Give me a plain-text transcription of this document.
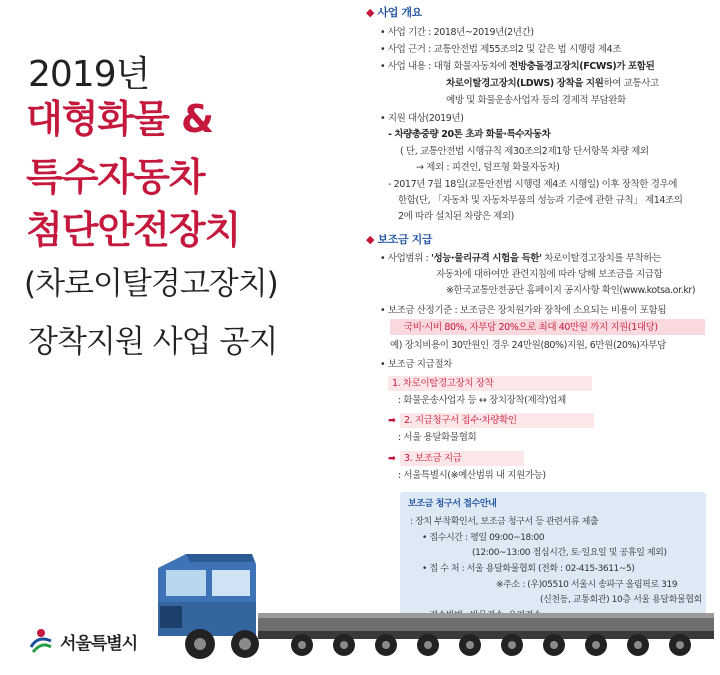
2019년
대형화물 &
특수자동차
첨단안전장치
(차로이탈경고장치)
장착지원 사업 공지
◆ 사업 개요
• 사업 기간 : 2018년~2019년(2년간)
• 사업 근거 : 교통안전법 제55조의2 및 같은 법 시행령 제4조
• 사업 내용 : 대형 화물자동차에 전방충돌경고장치(FCWS)가 포함된
차로이탈경고장치(LDWS) 장착을 지원하여 교통사고
예방 및 화물운송사업자 등의 경제적 부담완화
• 지원 대상(2019년)
- 차량총중량 20톤 초과 화물·특수자동차
( 단, 교통안전법 시행규칙 제30조의2제1항 단서항목 차량 제외
→ 제외 : 피견인, 덤프형 화물자동차)
- 2017년 7월 18일(교통안전법 시행령 제4조 시행일) 이후 장착한 경우에
한함(단, 「자동차 및 자동차부품의 성능과 기준에 관한 규칙」 제14조의
2에 따라 설치된 차량은 제외)
◆ 보조금 지급
• 사업범위 : '성능·물리규격 시험을 득한' 차로이탈경고장치를 부착하는
자동차에 대하여만 관련지침에 따라 당해 보조금을 지급함
※한국교통안전공단 홈페이지 공지사항 확인(www.kotsa.or.kr)
• 보조금 산정기준 : 보조금은 장치원가와 장착에 소요되는 비용이 포함됨
국비·시비 80%, 자부담 20%으로 최대 40만원 까지 지원(1대당)
예) 장치비용이 30만원인 경우 24만원(80%)지원, 6만원(20%)자부담
• 보조금 지급절차
1. 차로이탈경고장치 장착
: 화물운송사업자 등 ↔ 장치장착(제작)업체
➡ 2. 지급청구서 접수·차량확인
: 서울 용달화물협회
➡ 3. 보조금 지급
: 서울특별시(※예산범위 내 지원가능)
보조금 청구서 접수안내
: 장치 부착확인서, 보조금 청구서 등 관련서류 제출
• 접수시간 : 평일 09:00~18:00
(12:00~13:00 점심시간, 토·일요일 및 공휴일 제외)
• 접 수 처 : 서울 용달화물협회 (전화 : 02-415-3611~5)
※주소 : (우)05510 서울시 송파구 올림픽로 319
(신천동, 교통회관) 10층 서울 용달화물협회
서울특별시
